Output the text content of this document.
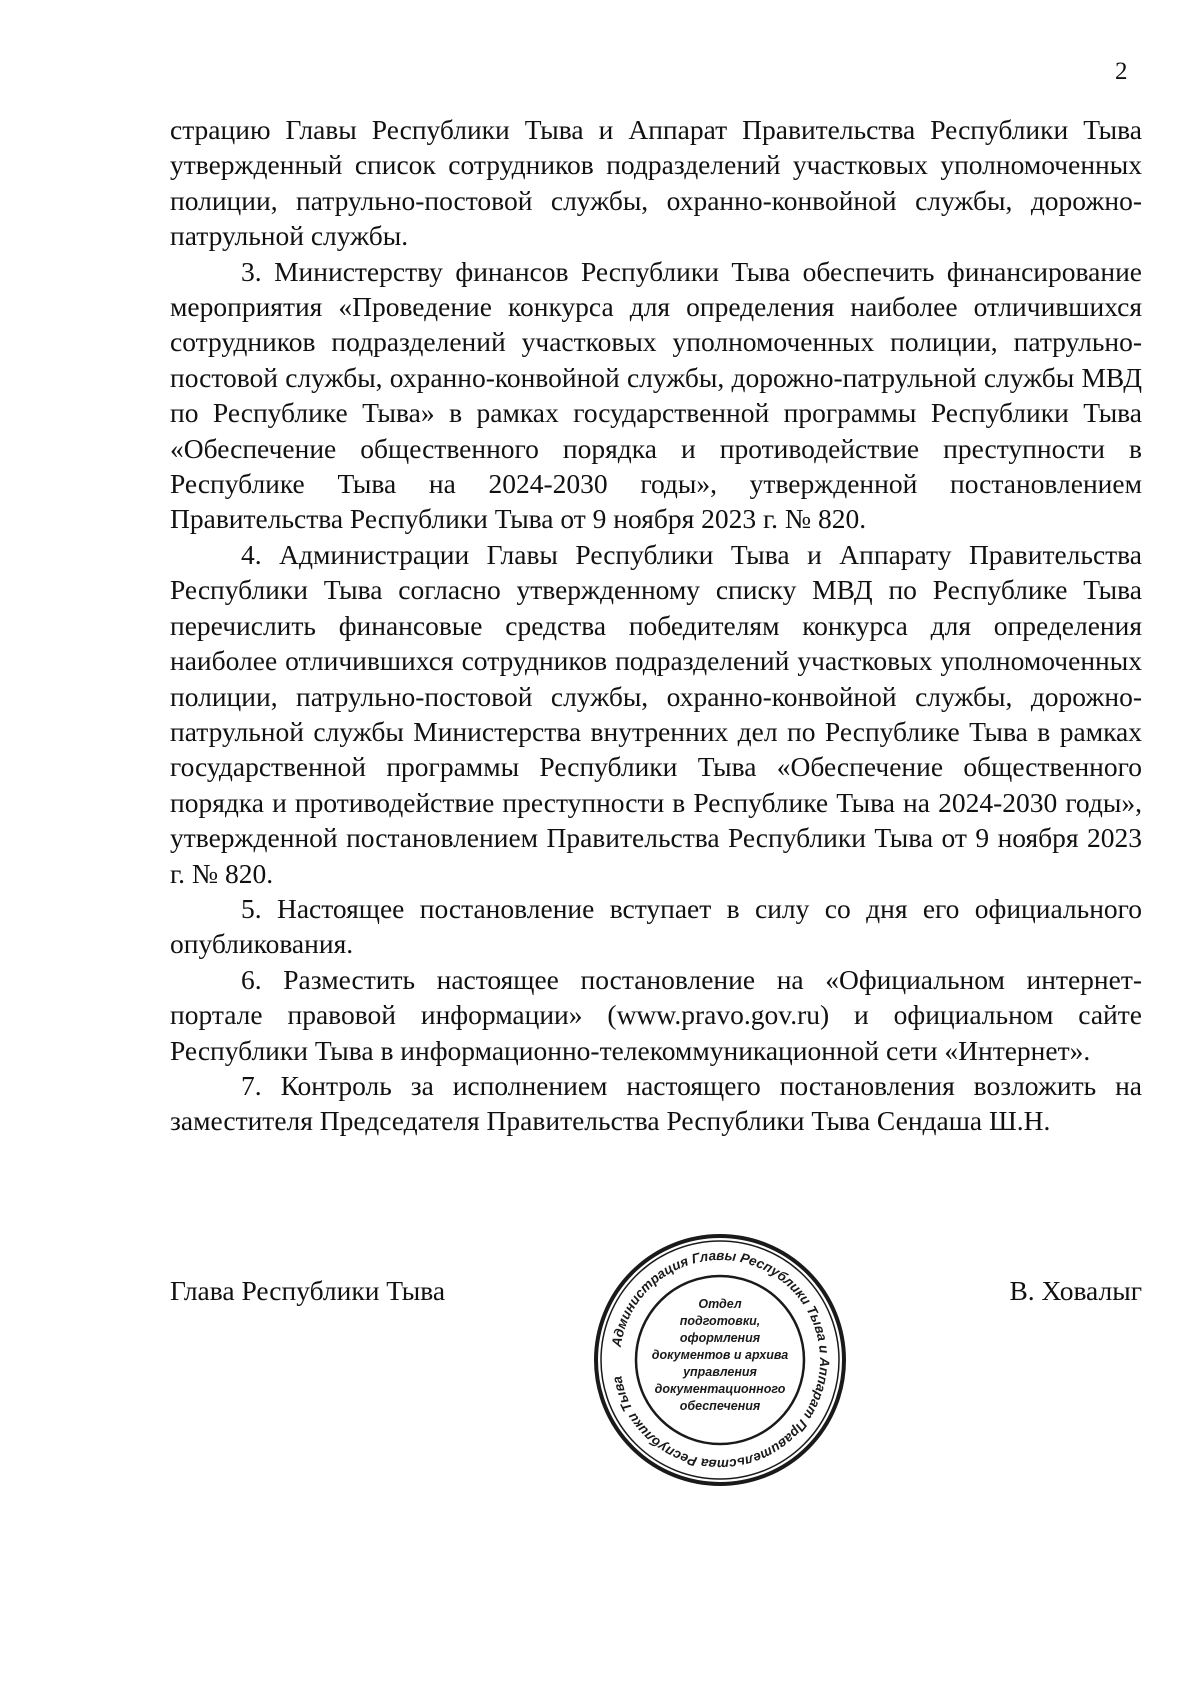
2

страцию Главы Республики Тыва и Аппарат Правительства Республики Тыва утвержденный список сотрудников подразделений участковых уполномоченных полиции, патрульно-постовой службы, охранно-конвойной службы, дорожно-патрульной службы.

3. Министерству финансов Республики Тыва обеспечить финансирование мероприятия «Проведение конкурса для определения наиболее отличившихся сотрудников подразделений участковых уполномоченных полиции, патрульно-постовой службы, охранно-конвойной службы, дорожно-патрульной службы МВД по Республике Тыва» в рамках государственной программы Республики Тыва «Обеспечение общественного порядка и противодействие преступности в Республике Тыва на 2024-2030 годы», утвержденной постановлением Правительства Республики Тыва от 9 ноября 2023 г. № 820.

4. Администрации Главы Республики Тыва и Аппарату Правительства Республики Тыва согласно утвержденному списку МВД по Республике Тыва перечислить финансовые средства победителям конкурса для определения наиболее отличившихся сотрудников подразделений участковых уполномоченных полиции, патрульно-постовой службы, охранно-конвойной службы, дорожно-патрульной службы Министерства внутренних дел по Республике Тыва в рамках государственной программы Республики Тыва «Обеспечение общественного порядка и противодействие преступности в Республике Тыва на 2024-2030 годы», утвержденной постановлением Правительства Республики Тыва от 9 ноября 2023 г. № 820.

5. Настоящее постановление вступает в силу со дня его официального опубликования.

6. Разместить настоящее постановление на «Официальном интернет-портале правовой информации» (www.pravo.gov.ru) и официальном сайте Республики Тыва в информационно-телекоммуникационной сети «Интернет».

7. Контроль за исполнением настоящего постановления возложить на заместителя Председателя Правительства Республики Тыва Сендаша Ш.Н.

Глава Республики Тыва	В. Ховалыг
Администрация Главы Республики Тыва и Аппарат Правительства Республики Тыва
Отдел
подготовки,
оформления
документов и архива
управления
документационного
обеспечения
